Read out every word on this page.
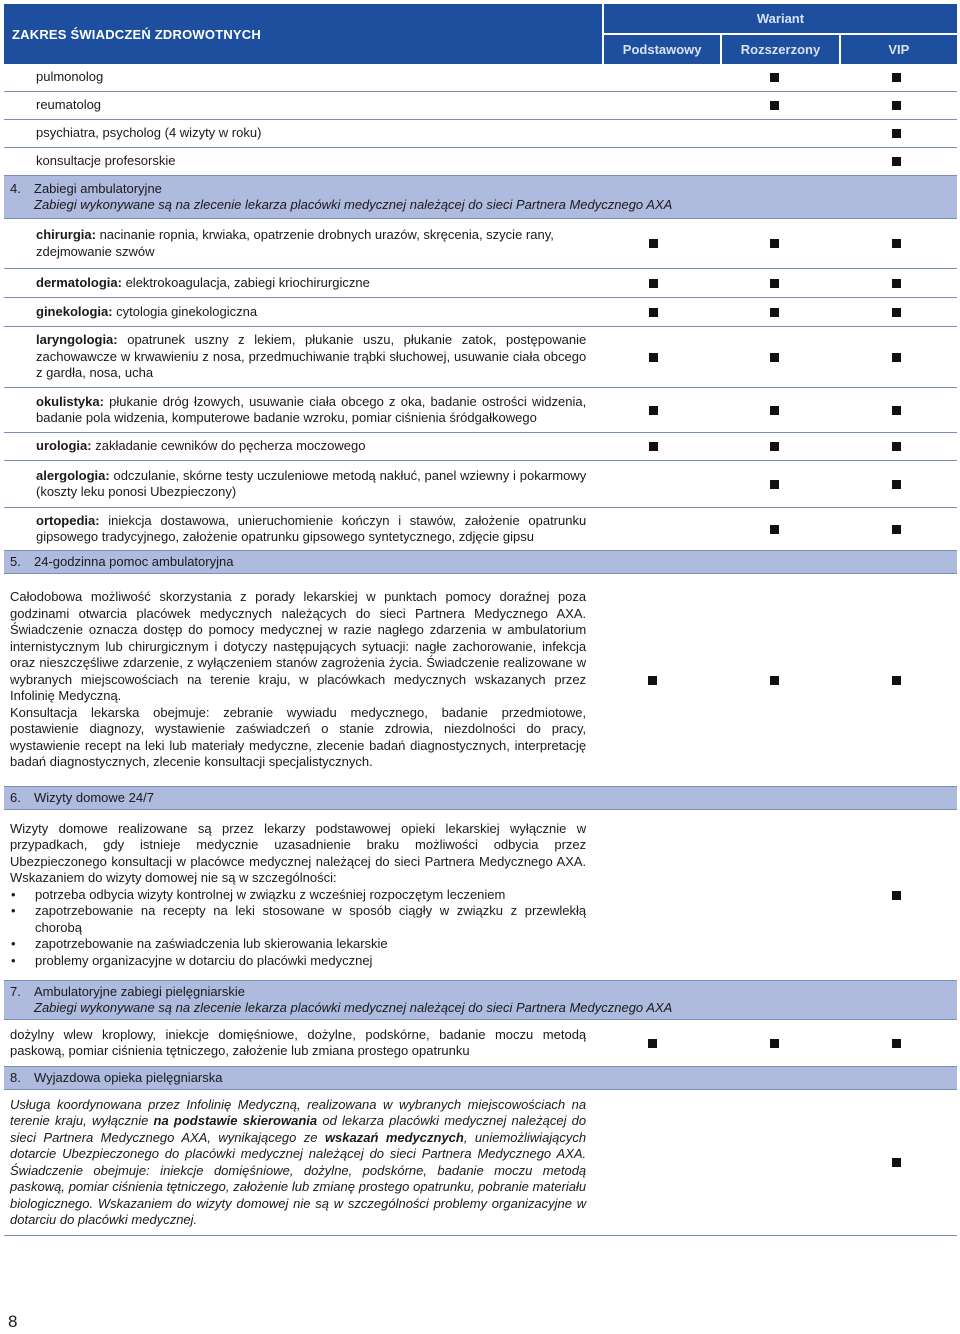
ZAKRES ŚWIADCZEŃ ZDROWOTNYCH
Wariant
Podstawowy	Rozszerzony	VIP
pulmonolog
reumatolog
psychiatra, psycholog (4 wizyty w roku)
konsultacje profesorskie
4. Zabiegi ambulatoryjne
Zabiegi wykonywane są na zlecenie lekarza placówki medycznej należącej do sieci Partnera Medycznego AXA
chirurgia: nacinanie ropnia, krwiaka, opatrzenie drobnych urazów, skręcenia, szycie rany, zdejmowanie szwów
dermatologia: elektrokoagulacja, zabiegi kriochirurgiczne
ginekologia: cytologia ginekologiczna
laryngologia: opatrunek uszny z lekiem, płukanie uszu, płukanie zatok, postępowanie zachowawcze w krwawieniu z nosa, przedmuchiwanie trąbki słuchowej, usuwanie ciała obcego z gardła, nosa, ucha
okulistyka: płukanie dróg łzowych, usuwanie ciała obcego z oka, badanie ostrości widzenia, badanie pola widzenia, komputerowe badanie wzroku, pomiar ciśnienia śródgałkowego
urologia: zakładanie cewników do pęcherza moczowego
alergologia: odczulanie, skórne testy uczuleniowe metodą nakłuć, panel wziewny i pokarmowy (koszty leku ponosi Ubezpieczony)
ortopedia: iniekcja dostawowa, unieruchomienie kończyn i stawów, założenie opatrunku gipsowego tradycyjnego, założenie opatrunku gipsowego syntetycznego, zdjęcie gipsu
5. 24-godzinna pomoc ambulatoryjna
Całodobowa możliwość skorzystania z porady lekarskiej w punktach pomocy doraźnej poza godzinami otwarcia placówek medycznych należących do sieci Partnera Medycznego AXA. Świadczenie oznacza dostęp do pomocy medycznej w razie nagłego zdarzenia w ambulatorium internistycznym lub chirurgicznym i dotyczy następujących sytuacji: nagłe zachorowanie, infekcja oraz nieszczęśliwe zdarzenie, z wyłączeniem stanów zagrożenia życia. Świadczenie realizowane w wybranych miejscowościach na terenie kraju, w placówkach medycznych wskazanych przez Infolinię Medyczną.
Konsultacja lekarska obejmuje: zebranie wywiadu medycznego, badanie przedmiotowe, postawienie diagnozy, wystawienie zaświadczeń o stanie zdrowia, niezdolności do pracy, wystawienie recept na leki lub materiały medyczne, zlecenie badań diagnostycznych, interpretację badań diagnostycznych, zlecenie konsultacji specjalistycznych.
6. Wizyty domowe 24/7
Wizyty domowe realizowane są przez lekarzy podstawowej opieki lekarskiej wyłącznie w przypadkach, gdy istnieje medycznie uzasadnienie braku możliwości odbycia przez Ubezpieczonego konsultacji w placówce medycznej należącej do sieci Partnera Medycznego AXA. Wskazaniem do wizyty domowej nie są w szczególności:
• potrzeba odbycia wizyty kontrolnej w związku z wcześniej rozpoczętym leczeniem
• zapotrzebowanie na recepty na leki stosowane w sposób ciągły w związku z przewlekłą chorobą
• zapotrzebowanie na zaświadczenia lub skierowania lekarskie
• problemy organizacyjne w dotarciu do placówki medycznej
7. Ambulatoryjne zabiegi pielęgniarskie
Zabiegi wykonywane są na zlecenie lekarza placówki medycznej należącej do sieci Partnera Medycznego AXA
dożylny wlew kroplowy, iniekcje domięśniowe, dożylne, podskórne, badanie moczu metodą paskową, pomiar ciśnienia tętniczego, założenie lub zmiana prostego opatrunku
8. Wyjazdowa opieka pielęgniarska
Usługa koordynowana przez Infolinię Medyczną, realizowana w wybranych miejscowościach na terenie kraju, wyłącznie na podstawie skierowania od lekarza placówki medycznej należącej do sieci Partnera Medycznego AXA, wynikającego ze wskazań medycznych, uniemożliwiających dotarcie Ubezpieczonego do placówki medycznej należącej do sieci Partnera Medycznego AXA. Świadczenie obejmuje: iniekcje domięśniowe, dożylne, podskórne, badanie moczu metodą paskową, pomiar ciśnienia tętniczego, założenie lub zmianę prostego opatrunku, pobranie materiału biologicznego. Wskazaniem do wizyty domowej nie są w szczególności problemy organizacyjne w dotarciu do placówki medycznej.
8
